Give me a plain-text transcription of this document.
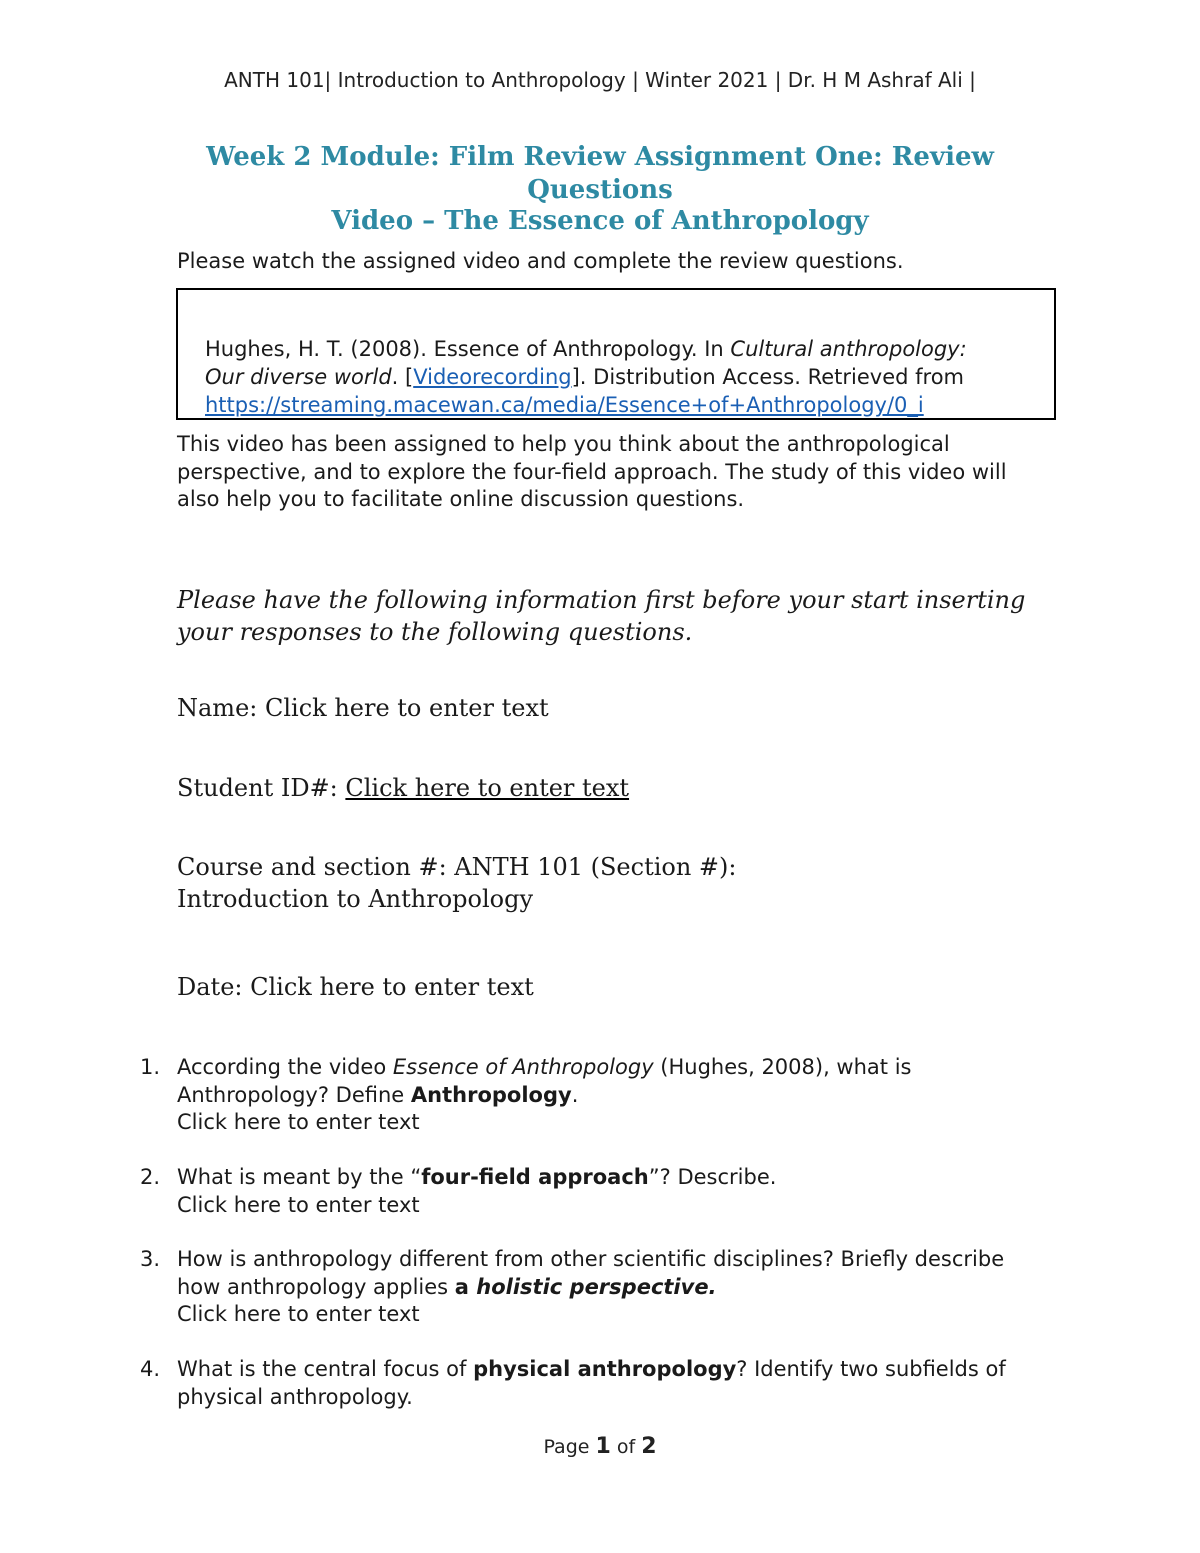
ANTH 101| Introduction to Anthropology | Winter 2021 | Dr. H M Ashraf Ali |
Week 2 Module: Film Review Assignment One: Review
Questions
Video – The Essence of Anthropology
Please watch the assigned video and complete the review questions.
Hughes, H. T. (2008). Essence of Anthropology. In Cultural anthropology: Our diverse world. [Videorecording]. Distribution Access. Retrieved from https://streaming.macewan.ca/media/Essence+of+Anthropology/0_i
This video has been assigned to help you think about the anthropological perspective, and to explore the four-field approach. The study of this video will also help you to facilitate online discussion questions.
Please have the following information first before your start inserting your responses to the following questions.
Name: Click here to enter text
Student ID#: Click here to enter text
Course and section #: ANTH 101 (Section #):
Introduction to Anthropology
Date: Click here to enter text
1. According the video Essence of Anthropology (Hughes, 2008), what is Anthropology? Define Anthropology.
Click here to enter text
2. What is meant by the “four-field approach”? Describe.
Click here to enter text
3. How is anthropology different from other scientific disciplines? Briefly describe how anthropology applies a holistic perspective.
Click here to enter text
4. What is the central focus of physical anthropology? Identify two subfields of physical anthropology.
Page 1 of 2
